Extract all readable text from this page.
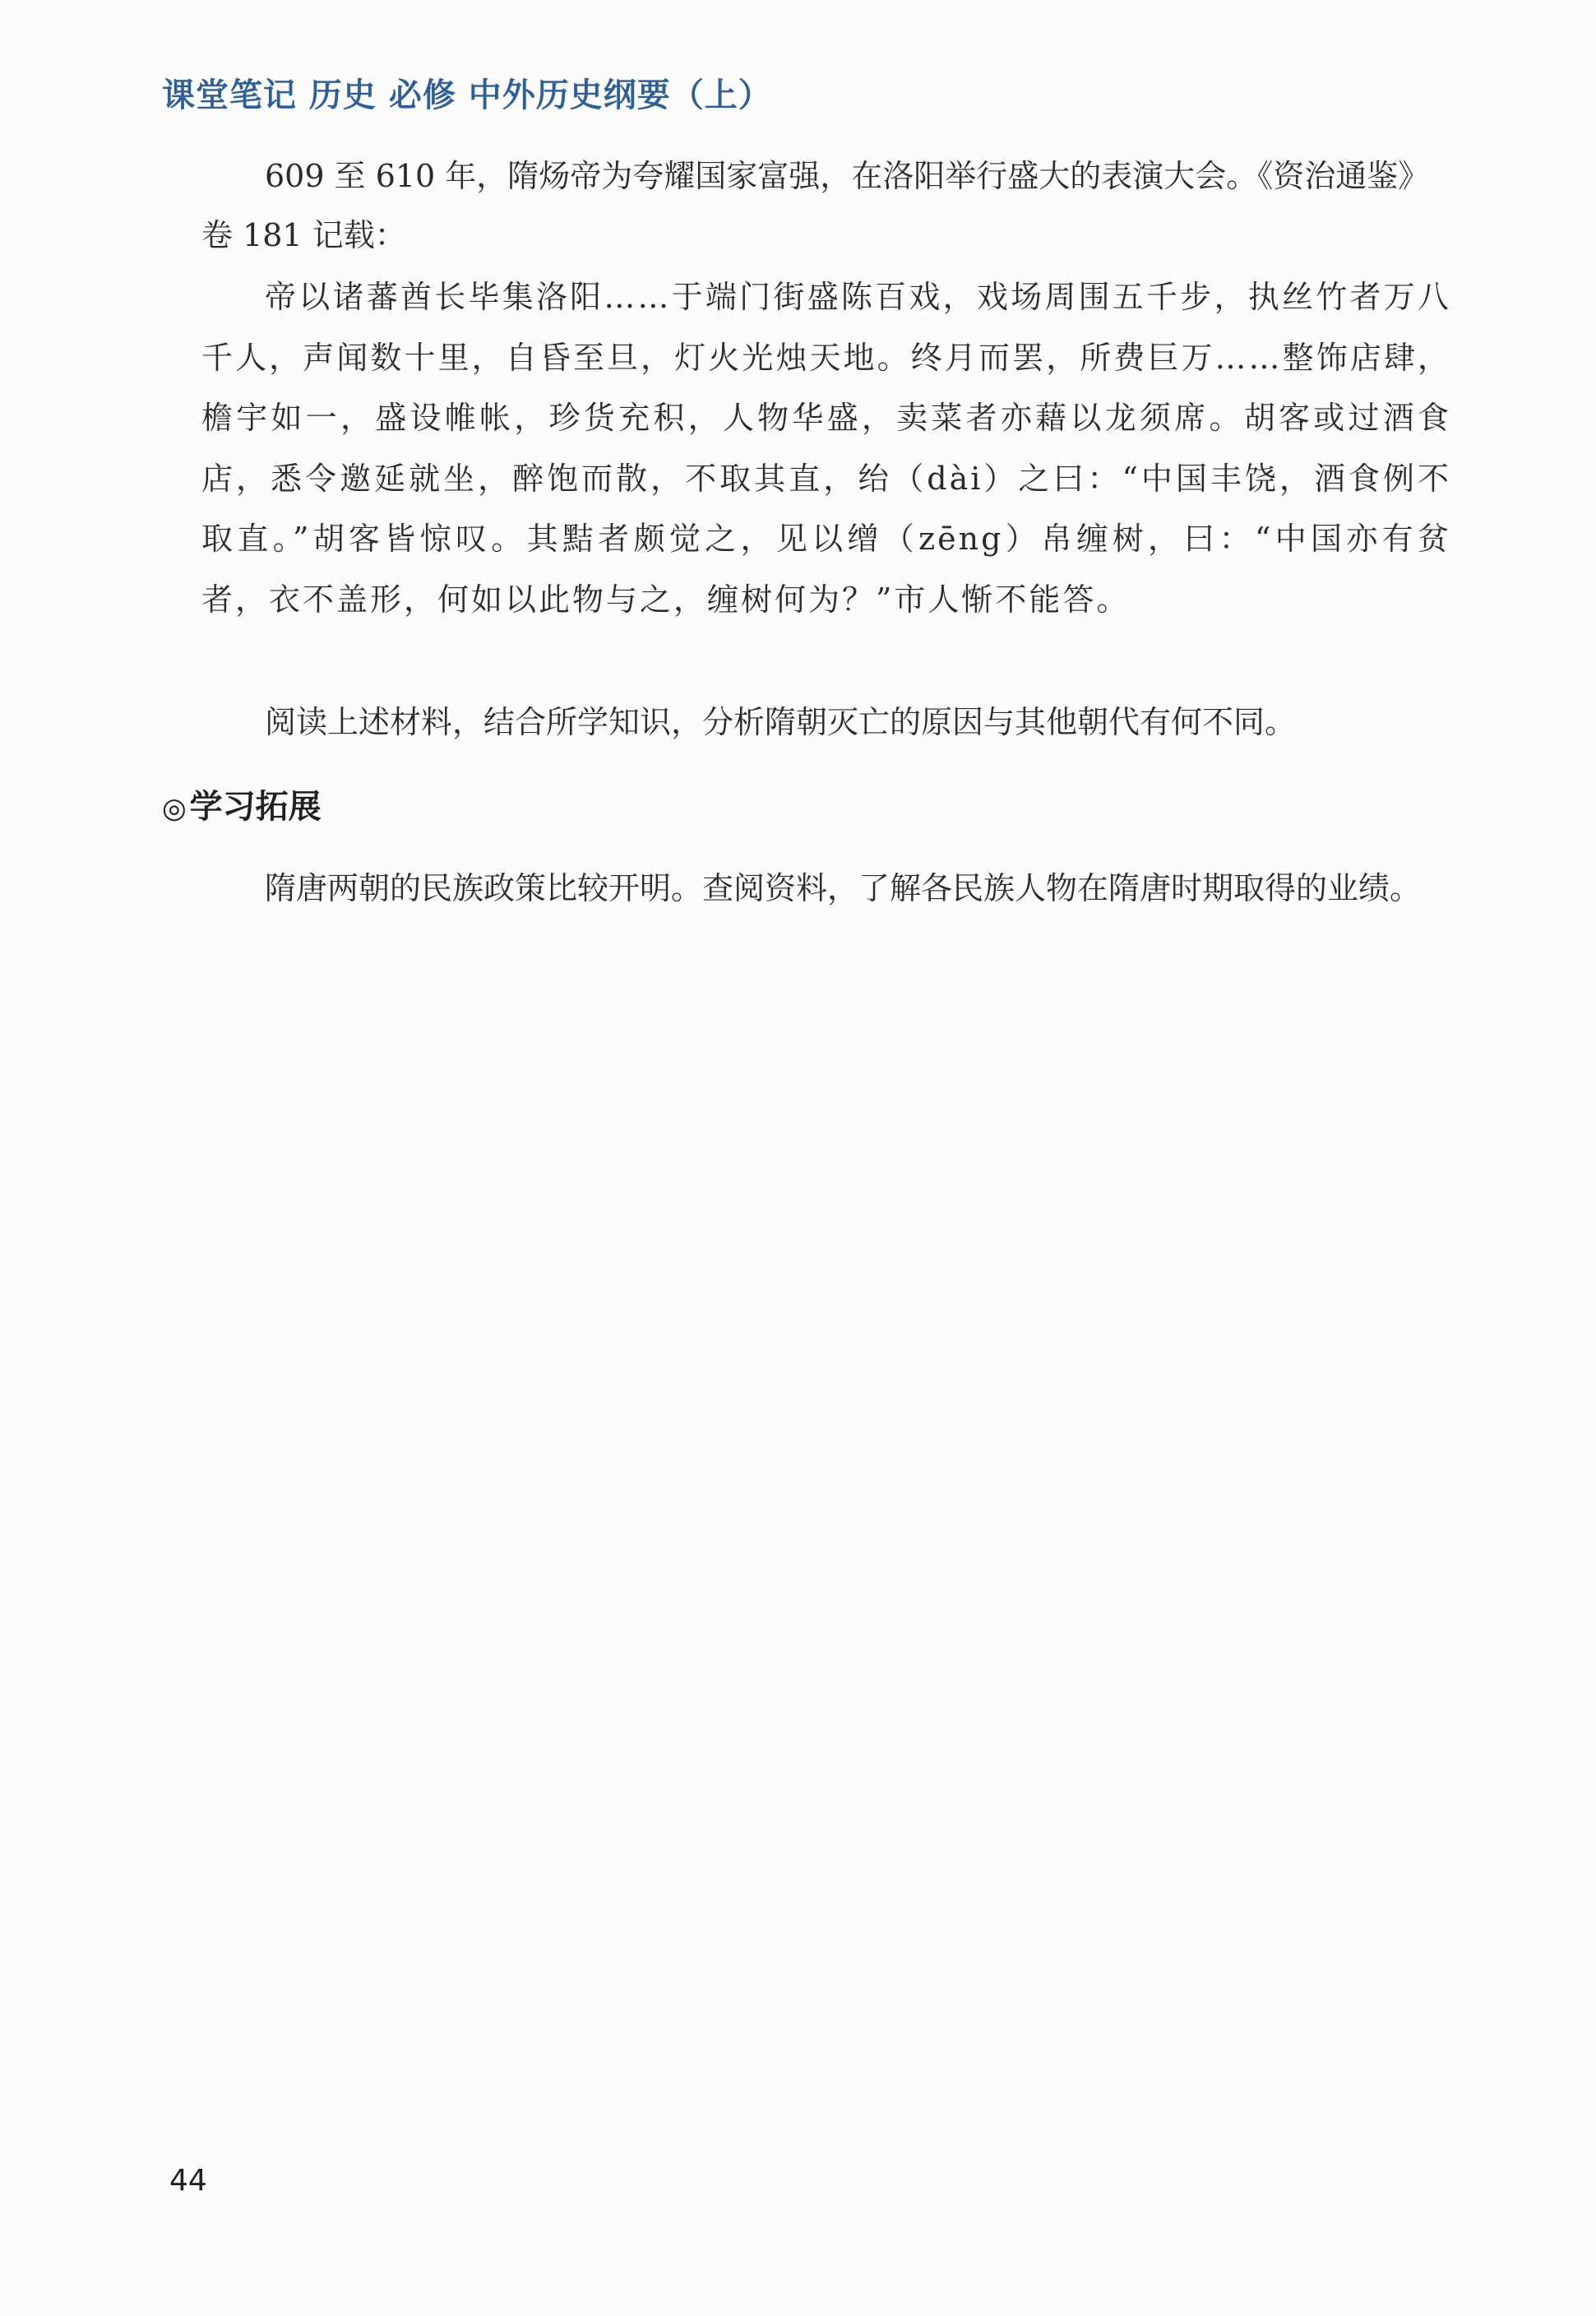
课堂笔记 历史 必修 中外历史纲要（上）

609 至 610 年，隋炀帝为夸耀国家富强，在洛阳举行盛大的表演大会。《资治通鉴》卷 181 记载：

帝以诸蕃酋长毕集洛阳……于端门街盛陈百戏，戏场周围五千步，执丝竹者万八千人，声闻数十里，自昏至旦，灯火光烛天地。终月而罢，所费巨万……整饰店肆，檐宇如一，盛设帷帐，珍货充积，人物华盛，卖菜者亦藉以龙须席。胡客或过酒食店，悉令邀延就坐，醉饱而散，不取其直，绐（dài）之曰：“中国丰饶，酒食例不取直。”胡客皆惊叹。其黠者颇觉之，见以缯（zēng）帛缠树，曰：“中国亦有贫者，衣不盖形，何如以此物与之，缠树何为？”市人惭不能答。

阅读上述材料，结合所学知识，分析隋朝灭亡的原因与其他朝代有何不同。

◎ 学习拓展

隋唐两朝的民族政策比较开明。查阅资料，了解各民族人物在隋唐时期取得的业绩。

44
